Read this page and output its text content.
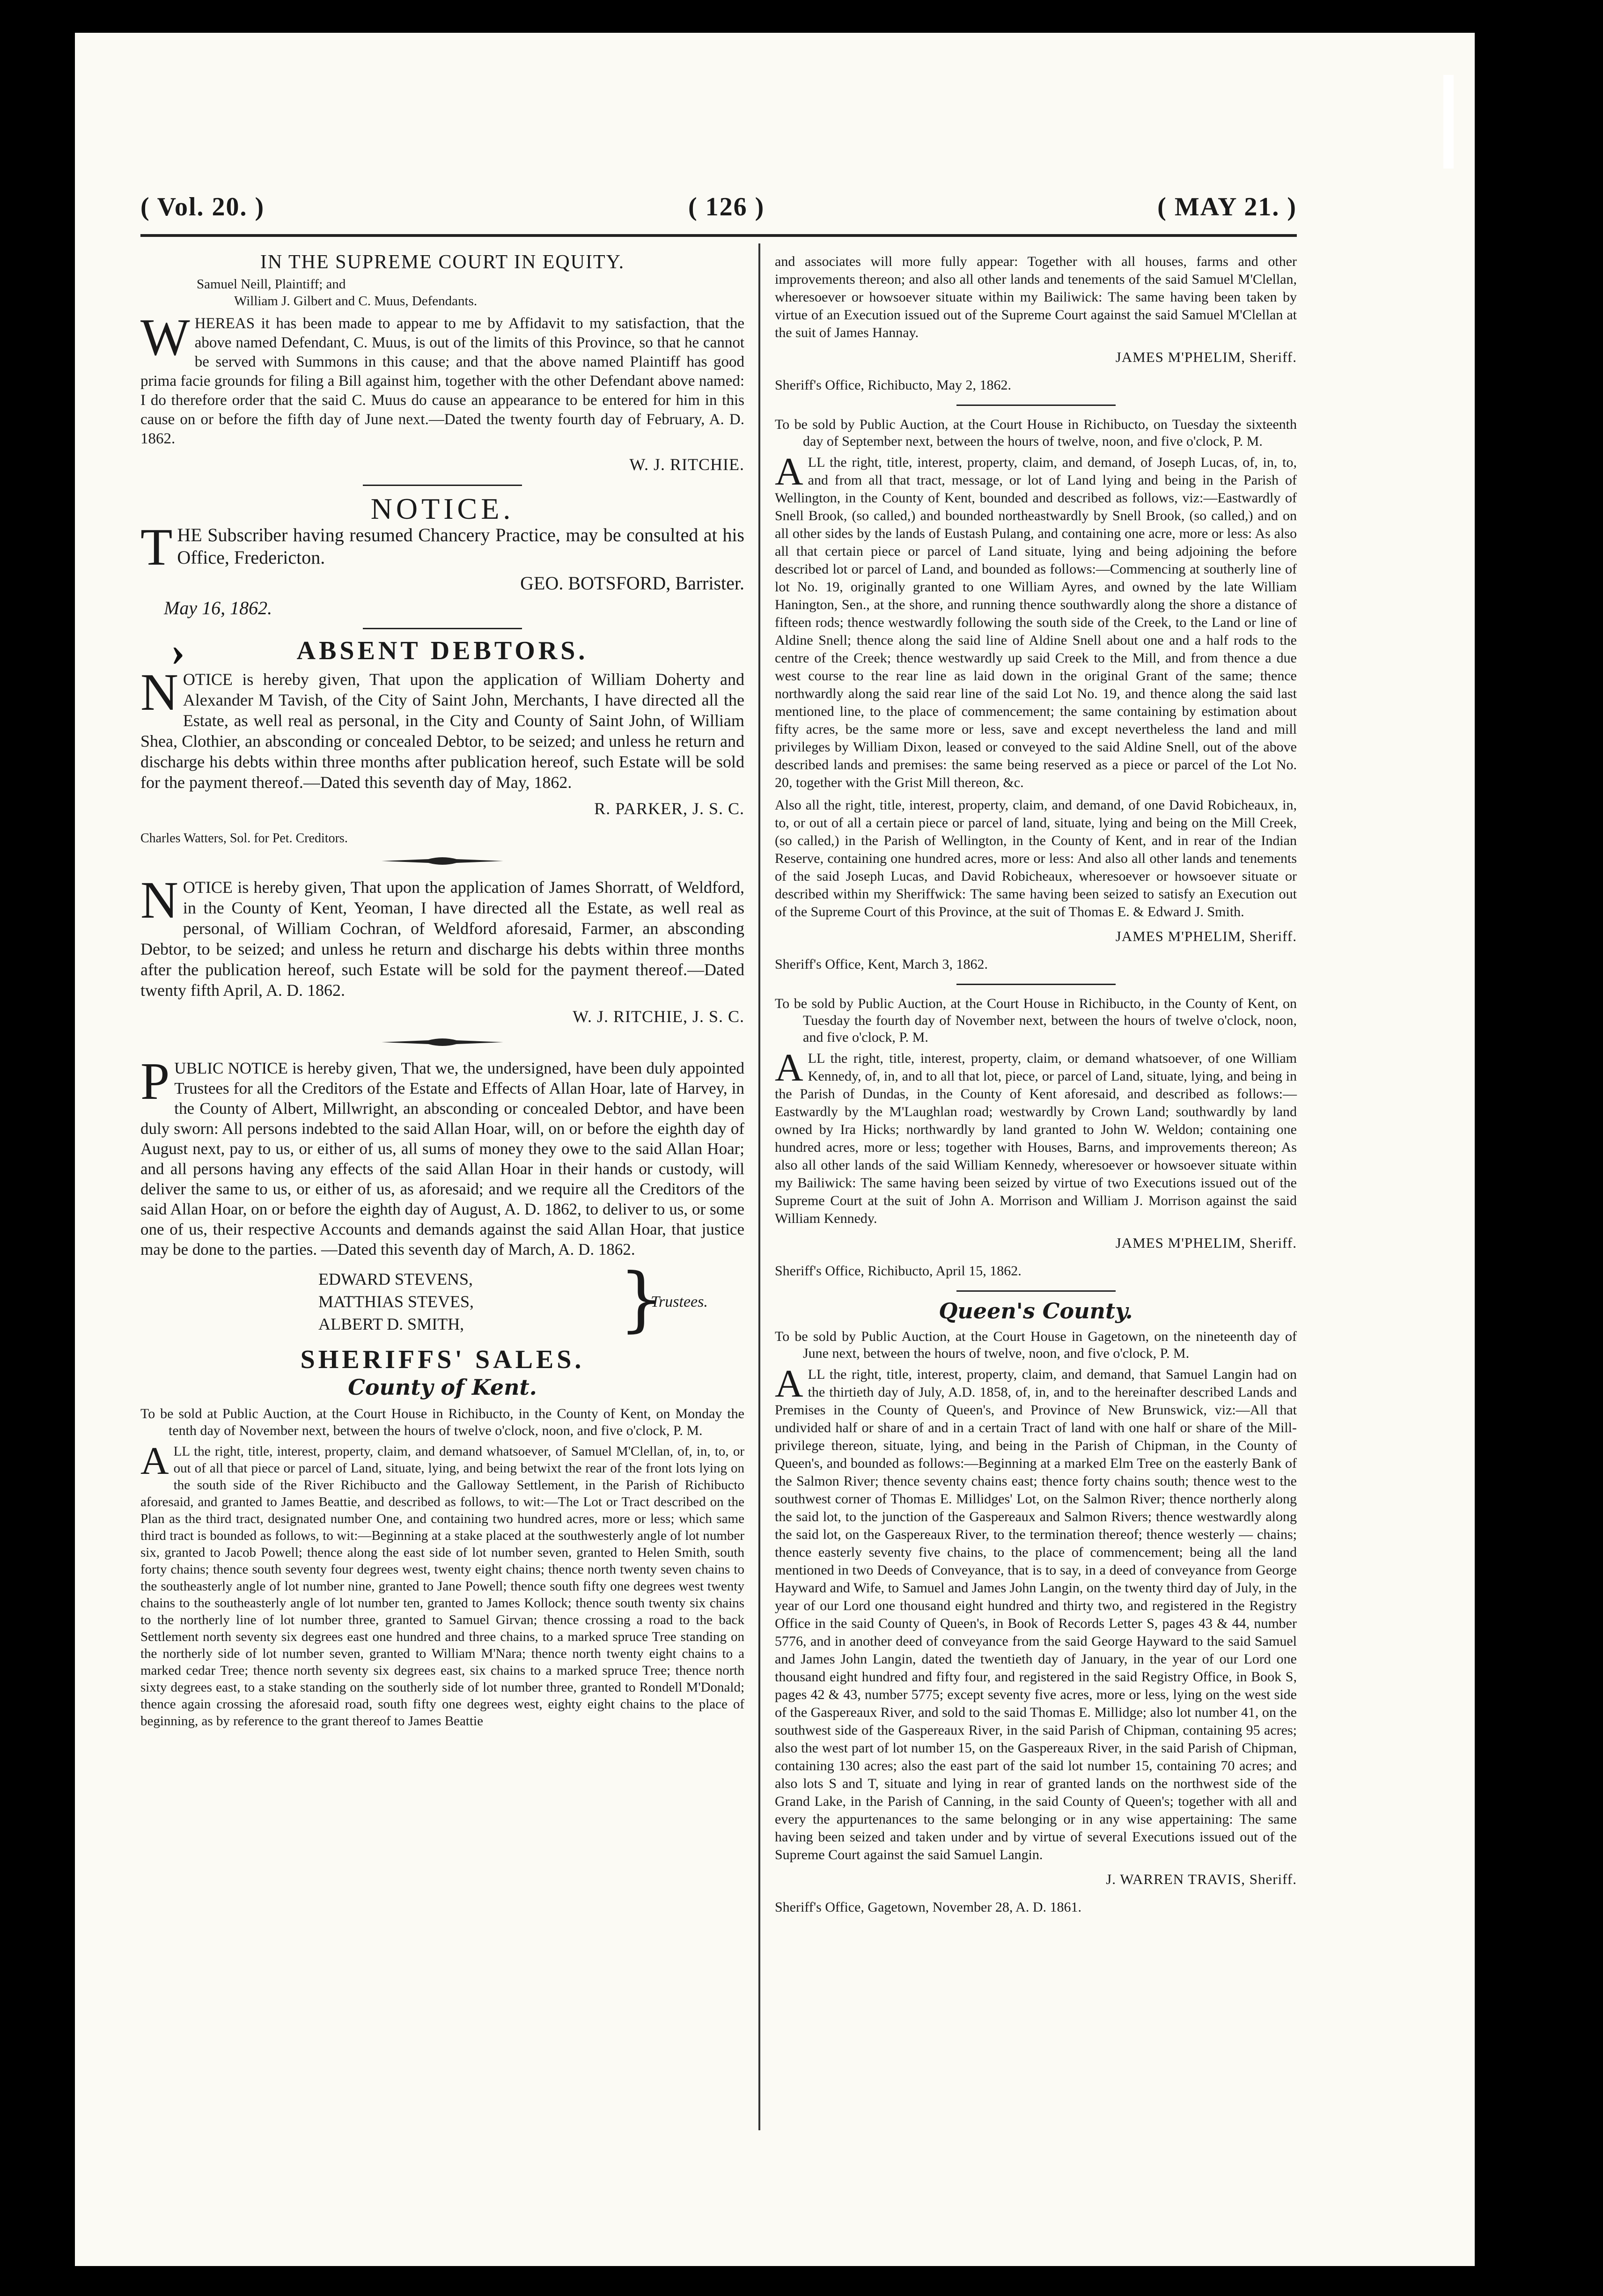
›
( Vol. 20. )	( 126 )	( MAY 21. )
IN THE SUPREME COURT IN EQUITY.
Samuel Neill, Plaintiff; and
William J. Gilbert and C. Muus, Defendants.

WHEREAS it has been made to appear to me by Affidavit to my satisfaction, that the above named Defendant, C. Muus, is out of the limits of this Province, so that he cannot be served with Summons in this cause; and that the above named Plaintiff has good prima facie grounds for filing a Bill against him, together with the other Defendant above named: I do therefore order that the said C. Muus do cause an appearance to be entered for him in this cause on or before the fifth day of June next.—Dated the twenty fourth day of February, A. D. 1862.

W. J. RITCHIE.
NOTICE.

THE Subscriber having resumed Chancery Practice, may be consulted at his Office, Fredericton.

GEO. BOTSFORD, Barrister.
May 16, 1862.
ABSENT DEBTORS.

NOTICE is hereby given, That upon the application of William Doherty and Alexander M Tavish, of the City of Saint John, Merchants, I have directed all the Estate, as well real as personal, in the City and County of Saint John, of William Shea, Clothier, an absconding or concealed Debtor, to be seized; and unless he return and discharge his debts within three months after publication hereof, such Estate will be sold for the payment thereof.—Dated this seventh day of May, 1862.

R. PARKER, J. S. C.
Charles Watters, Sol. for Pet. Creditors.

NOTICE is hereby given, That upon the application of James Shorratt, of Weldford, in the County of Kent, Yeoman, I have directed all the Estate, as well real as personal, of William Cochran, of Weldford aforesaid, Farmer, an absconding Debtor, to be seized; and unless he return and discharge his debts within three months after the publication hereof, such Estate will be sold for the payment thereof.—Dated twenty fifth April, A. D. 1862.

W. J. RITCHIE, J. S. C.

PUBLIC NOTICE is hereby given, That we, the undersigned, have been duly appointed Trustees for all the Creditors of the Estate and Effects of Allan Hoar, late of Harvey, in the County of Albert, Millwright, an absconding or concealed Debtor, and have been duly sworn: All persons indebted to the said Allan Hoar, will, on or before the eighth day of August next, pay to us, or either of us, all sums of money they owe to the said Allan Hoar; and all persons having any effects of the said Allan Hoar in their hands or custody, will deliver the same to us, or either of us, as aforesaid; and we require all the Creditors of the said Allan Hoar, on or before the eighth day of August, A. D. 1862, to deliver to us, or some one of us, their respective Accounts and demands against the said Allan Hoar, that justice may be done to the parties. —Dated this seventh day of March, A. D. 1862.

EDWARD STEVENS,
MATTHIAS STEVES,
ALBERT D. SMITH, }
Trustees.
SHERIFFS' SALES.
County of Kent.

To be sold at Public Auction, at the Court House in Richibucto, in the County of Kent, on Monday the tenth day of November next, between the hours of twelve o'clock, noon, and five o'clock, P. M.

ALL the right, title, interest, property, claim, and demand whatsoever, of Samuel M'Clellan, of, in, to, or out of all that piece or parcel of Land, situate, lying, and being betwixt the rear of the front lots lying on the south side of the River Richibucto and the Galloway Settlement, in the Parish of Richibucto aforesaid, and granted to James Beattie, and described as follows, to wit:—The Lot or Tract described on the Plan as the third tract, designated number One, and containing two hundred acres, more or less; which same third tract is bounded as follows, to wit:—Beginning at a stake placed at the southwesterly angle of lot number six, granted to Jacob Powell; thence along the east side of lot number seven, granted to Helen Smith, south forty chains; thence south seventy four degrees west, twenty eight chains; thence north twenty seven chains to the southeasterly angle of lot number nine, granted to Jane Powell; thence south fifty one degrees west twenty chains to the southeasterly angle of lot number ten, granted to James Kollock; thence south twenty six chains to the northerly line of lot number three, granted to Samuel Girvan; thence crossing a road to the back Settlement north seventy six degrees east one hundred and three chains, to a marked spruce Tree standing on the northerly side of lot number seven, granted to William M'Nara; thence north twenty eight chains to a marked cedar Tree; thence north seventy six degrees east, six chains to a marked spruce Tree; thence north sixty degrees east, to a stake standing on the southerly side of lot number three, granted to Rondell M'Donald; thence again crossing the aforesaid road, south fifty one degrees west, eighty eight chains to the place of beginning, as by reference to the grant thereof to James Beattie

and associates will more fully appear: Together with all houses, farms and other improvements thereon; and also all other lands and tenements of the said Samuel M'Clellan, wheresoever or howsoever situate within my Bailiwick: The same having been taken by virtue of an Execution issued out of the Supreme Court against the said Samuel M'Clellan at the suit of James Hannay.

JAMES M'PHELIM, Sheriff.
Sheriff's Office, Richibucto, May 2, 1862.

To be sold by Public Auction, at the Court House in Richibucto, on Tuesday the sixteenth day of September next, between the hours of twelve, noon, and five o'clock, P. M.

ALL the right, title, interest, property, claim, and demand, of Joseph Lucas, of, in, to, and from all that tract, message, or lot of Land lying and being in the Parish of Wellington, in the County of Kent, bounded and described as follows, viz:—Eastwardly of Snell Brook, (so called,) and bounded northeastwardly by Snell Brook, (so called,) and on all other sides by the lands of Eustash Pulang, and containing one acre, more or less: As also all that certain piece or parcel of Land situate, lying and being adjoining the before described lot or parcel of Land, and bounded as follows:—Commencing at southerly line of lot No. 19, originally granted to one William Ayres, and owned by the late William Hanington, Sen., at the shore, and running thence southwardly along the shore a distance of fifteen rods; thence westwardly following the south side of the Creek, to the Land or line of Aldine Snell; thence along the said line of Aldine Snell about one and a half rods to the centre of the Creek; thence westwardly up said Creek to the Mill, and from thence a due west course to the rear line as laid down in the original Grant of the same; thence northwardly along the said rear line of the said Lot No. 19, and thence along the said last mentioned line, to the place of commencement; the same containing by estimation about fifty acres, be the same more or less, save and except nevertheless the land and mill privileges by William Dixon, leased or conveyed to the said Aldine Snell, out of the above described lands and premises: the same being reserved as a piece or parcel of the Lot No. 20, together with the Grist Mill thereon, &c.

Also all the right, title, interest, property, claim, and demand, of one David Robicheaux, in, to, or out of all a certain piece or parcel of land, situate, lying and being on the Mill Creek, (so called,) in the Parish of Wellington, in the County of Kent, and in rear of the Indian Reserve, containing one hundred acres, more or less: And also all other lands and tenements of the said Joseph Lucas, and David Robicheaux, wheresoever or howsoever situate or described within my Sheriffwick: The same having been seized to satisfy an Execution out of the Supreme Court of this Province, at the suit of Thomas E. & Edward J. Smith.

JAMES M'PHELIM, Sheriff.
Sheriff's Office, Kent, March 3, 1862.

To be sold by Public Auction, at the Court House in Richibucto, in the County of Kent, on Tuesday the fourth day of November next, between the hours of twelve o'clock, noon, and five o'clock, P. M.

ALL the right, title, interest, property, claim, or demand whatsoever, of one William Kennedy, of, in, and to all that lot, piece, or parcel of Land, situate, lying, and being in the Parish of Dundas, in the County of Kent aforesaid, and described as follows:—Eastwardly by the M'Laughlan road; westwardly by Crown Land; southwardly by land owned by Ira Hicks; northwardly by land granted to John W. Weldon; containing one hundred acres, more or less; together with Houses, Barns, and improvements thereon; As also all other lands of the said William Kennedy, wheresoever or howsoever situate within my Bailiwick: The same having been seized by virtue of two Executions issued out of the Supreme Court at the suit of John A. Morrison and William J. Morrison against the said William Kennedy.

JAMES M'PHELIM, Sheriff.
Sheriff's Office, Richibucto, April 15, 1862.
Queen's County.

To be sold by Public Auction, at the Court House in Gagetown, on the nineteenth day of June next, between the hours of twelve, noon, and five o'clock, P. M.

ALL the right, title, interest, property, claim, and demand, that Samuel Langin had on the thirtieth day of July, A.D. 1858, of, in, and to the hereinafter described Lands and Premises in the County of Queen's, and Province of New Brunswick, viz:—All that undivided half or share of and in a certain Tract of land with one half or share of the Mill-privilege thereon, situate, lying, and being in the Parish of Chipman, in the County of Queen's, and bounded as follows:—Beginning at a marked Elm Tree on the easterly Bank of the Salmon River; thence seventy chains east; thence forty chains south; thence west to the southwest corner of Thomas E. Millidges' Lot, on the Salmon River; thence northerly along the said lot, to the junction of the Gaspereaux and Salmon Rivers; thence westwardly along the said lot, on the Gaspereaux River, to the termination thereof; thence westerly — chains; thence easterly seventy five chains, to the place of commencement; being all the land mentioned in two Deeds of Conveyance, that is to say, in a deed of conveyance from George Hayward and Wife, to Samuel and James John Langin, on the twenty third day of July, in the year of our Lord one thousand eight hundred and thirty two, and registered in the Registry Office in the said County of Queen's, in Book of Records Letter S, pages 43 & 44, number 5776, and in another deed of conveyance from the said George Hayward to the said Samuel and James John Langin, dated the twentieth day of January, in the year of our Lord one thousand eight hundred and fifty four, and registered in the said Registry Office, in Book S, pages 42 & 43, number 5775; except seventy five acres, more or less, lying on the west side of the Gaspereaux River, and sold to the said Thomas E. Millidge; also lot number 41, on the southwest side of the Gaspereaux River, in the said Parish of Chipman, containing 95 acres; also the west part of lot number 15, on the Gaspereaux River, in the said Parish of Chipman, containing 130 acres; also the east part of the said lot number 15, containing 70 acres; and also lots S and T, situate and lying in rear of granted lands on the northwest side of the Grand Lake, in the Parish of Canning, in the said County of Queen's; together with all and every the appurtenances to the same belonging or in any wise appertaining: The same having been seized and taken under and by virtue of several Executions issued out of the Supreme Court against the said Samuel Langin.

J. WARREN TRAVIS, Sheriff.
Sheriff's Office, Gagetown, November 28, A. D. 1861.
